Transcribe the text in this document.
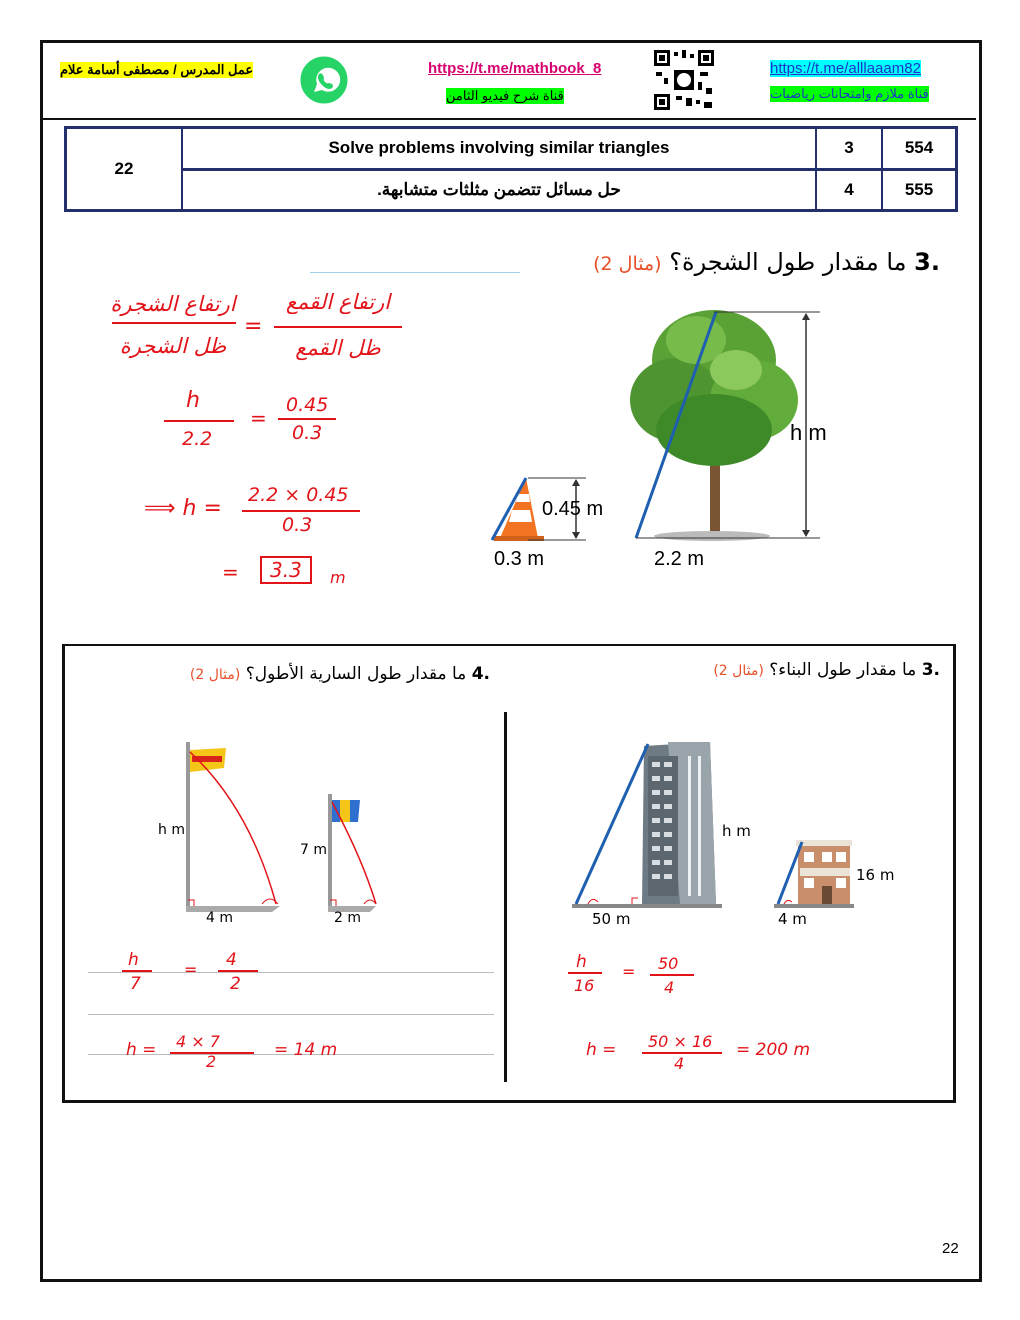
عمل المدرس / مصطفى أسامة علام	https://t.me/mathbook_8
قناة شرح فيديو الثامن
https://t.me/alllaaam82
قناة ملازم وامتحانات رياضيات
22	Solve problems involving similar triangles	3	554
	حل مسائل تتضمن مثلثات متشابهة.	4	555
(مثال 2) ما مقدار طول الشجرة؟ 3.
0.45 m
0.3 m	2.2 m
h m
ارتفاع الشجرة
ظل الشجرة
=
ارتفاع القمع
ظل القمع
h
2.2
=
0.45
0.3
⟹ h =
2.2 × 0.45
0.3
=	3.3	m
(مثال 2) ما مقدار طول السارية الأطول؟ 4.
h m
7 m
4 m	2 m
h
7
= 4
2
h = 4 × 7
2
= 14 m
(مثال 2) ما مقدار طول البناء؟ 3.
h m
16 m
50 m	4 m
h
16
= 50
4
h = 50 × 16
4
= 200 m
22
